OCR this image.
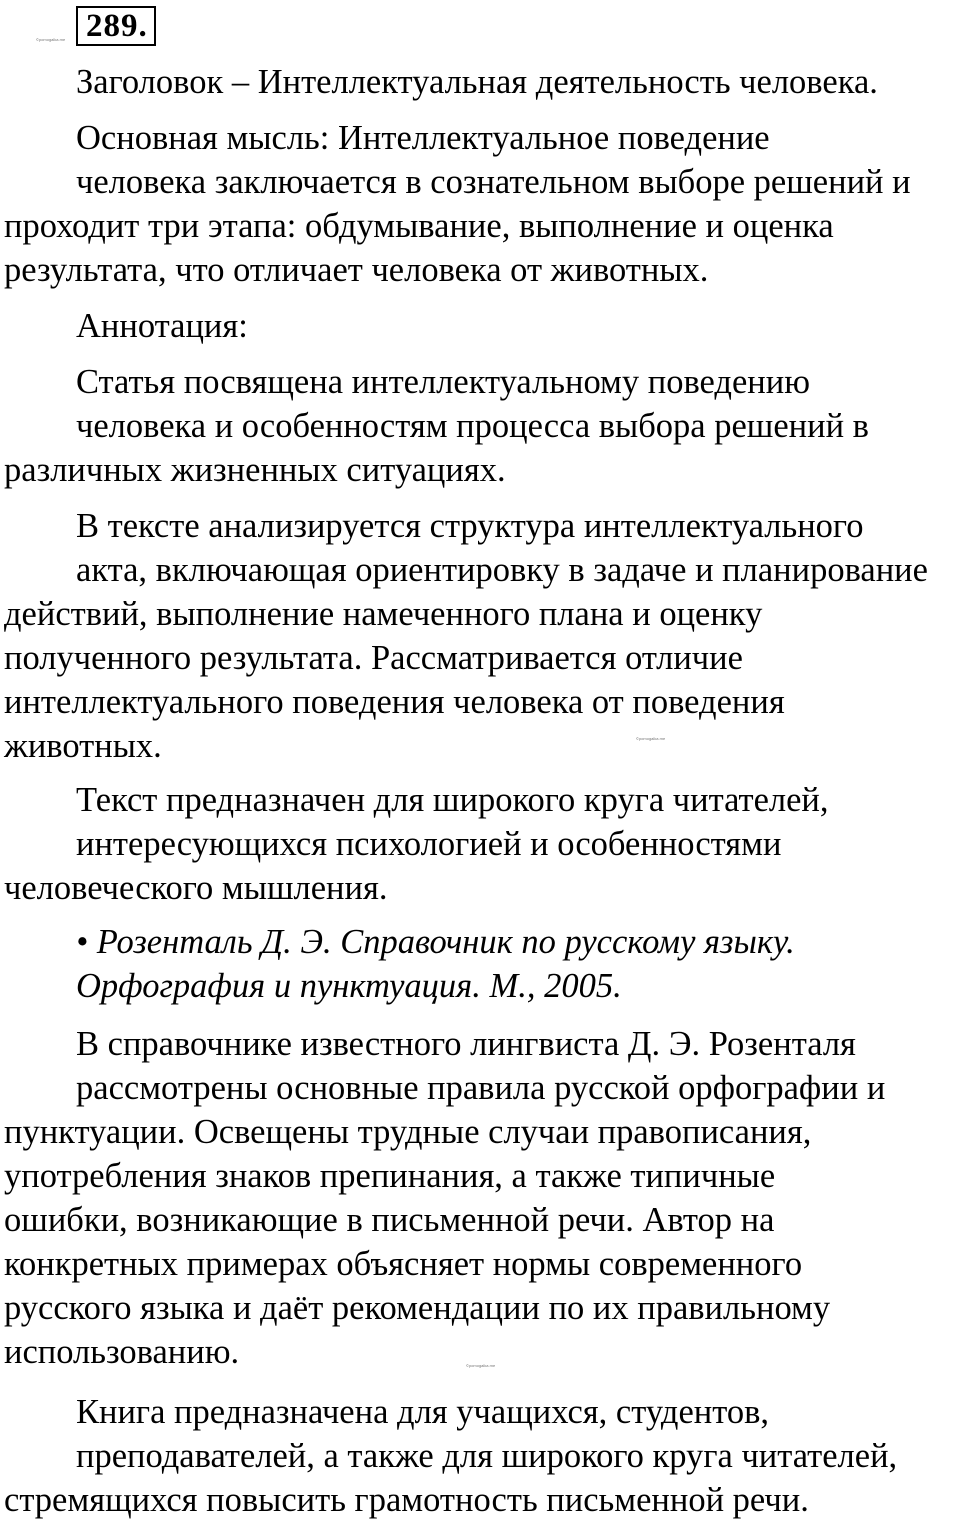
289.
©pomogalka.me
©pomogalka.me
©pomogalka.me
Заголовок – Интеллектуальная деятельность человека.
Основная мысль: Интеллектуальное поведение
человека заключается в сознательном выборе решений и
проходит три этапа: обдумывание, выполнение и оценка
результата, что отличает человека от животных.
Аннотация:
Статья посвящена интеллектуальному поведению
человека и особенностям процесса выбора решений в
различных жизненных ситуациях.
В тексте анализируется структура интеллектуального
акта, включающая ориентировку в задаче и планирование
действий, выполнение намеченного плана и оценку
полученного результата. Рассматривается отличие
интеллектуального поведения человека от поведения
животных.
Текст предназначен для широкого круга читателей,
интересующихся психологией и особенностями
человеческого мышления.
• Розенталь Д. Э. Справочник по русскому языку.
Орфография и пунктуация. М., 2005.
В справочнике известного лингвиста Д. Э. Розенталя
рассмотрены основные правила русской орфографии и
пунктуации. Освещены трудные случаи правописания,
употребления знаков препинания, а также типичные
ошибки, возникающие в письменной речи. Автор на
конкретных примерах объясняет нормы современного
русского языка и даёт рекомендации по их правильному
использованию.
Книга предназначена для учащихся, студентов,
преподавателей, а также для широкого круга читателей,
стремящихся повысить грамотность письменной речи.
